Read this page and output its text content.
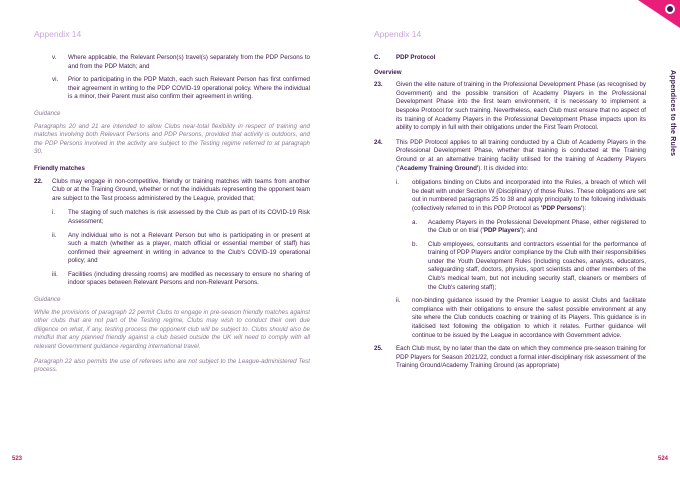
Appendix 14
v.	Where applicable, the Relevant Person(s) travel(s) separately from the PDP Persons to and from the PDP Match; and
vi.	Prior to participating in the PDP Match, each such Relevant Person has first confirmed their agreement in writing to the PDP COVID-19 operational policy. Where the individual is a minor, their Parent must also confirm their agreement in writing.

Guidance

Paragraphs 20 and 21 are intended to allow Clubs near-total flexibility in respect of training and matches involving both Relevant Persons and PDP Persons, provided that activity is outdoors, and the PDP Persons involved in the activity are subject to the Testing regime referred to at paragraph 30.

Friendly matches

22.	Clubs may engage in non-competitive, friendly or training matches with teams from another Club or at the Training Ground, whether or not the individuals representing the opponent team are subject to the Test process administered by the League, provided that;
i.	The staging of such matches is risk assessed by the Club as part of its COVID-19 Risk Assessment;
ii.	Any individual who is not a Relevant Person but who is participating in or present at such a match (whether as a player, match official or essential member of staff) has confirmed their agreement in writing in advance to the Club's COVID-19 operational policy; and
iii.	Facilities (including dressing rooms) are modified as necessary to ensure no sharing of indoor spaces between Relevant Persons and non-Relevant Persons.

Guidance

While the provisions of paragraph 22 permit Clubs to engage in pre-season friendly matches against other clubs that are not part of the Testing regime, Clubs may wish to conduct their own due diligence on what, if any, testing process the opponent club will be subject to. Clubs should also be mindful that any planned friendly against a club based outside the UK will need to comply with all relevant Government guidance regarding international travel.

Paragraph 22 also permits the use of referees who are not subject to the League-administered Test process.

523
Appendix 14
Appendices to the Rules
C.	PDP Protocol

Overview

23.	Given the elite nature of training in the Professional Development Phase (as recognised by Government) and the possible transition of Academy Players in the Professional Development Phase into the first team environment, it is necessary to implement a bespoke Protocol for such training. Nevertheless, each Club must ensure that no aspect of its training of Academy Players in the Professional Development Phase impacts upon its ability to comply in full with their obligations under the First Team Protocol.
24.	This PDP Protocol applies to all training conducted by a Club of Academy Players in the Professional Development Phase, whether that training is conducted at the Training Ground or at an alternative training facility utilised for the training of Academy Players ('Academy Training Ground'). It is divided into:
i.	obligations binding on Clubs and incorporated into the Rules, a breach of which will be dealt with under Section W (Disciplinary) of those Rules. These obligations are set out in numbered paragraphs 25 to 38 and apply principally to the following individuals (collectively referred to in this PDP Protocol as 'PDP Persons'):
a.	Academy Players in the Professional Development Phase, either registered to the Club or on trial ('PDP Players'); and
b.	Club employees, consultants and contractors essential for the performance of training of PDP Players and/or compliance by the Club with their responsibilities under the Youth Development Rules (including coaches, analysts, educators, safeguarding staff, doctors, physios, sport scientists and other members of the Club's medical team, but not including security staff, cleaners or members of the Club's catering staff);
ii.	non-binding guidance issued by the Premier League to assist Clubs and facilitate compliance with their obligations to ensure the safest possible environment at any site where the Club conducts coaching or training of its Players. This guidance is in italicised text following the obligation to which it relates. Further guidance will continue to be issued by the League in accordance with Government advice.
25.	Each Club must, by no later than the date on which they commence pre-season training for PDP Players for Season 2021/22, conduct a formal inter-disciplinary risk assessment of the Training Ground/Academy Training Ground (as appropriate)
524
